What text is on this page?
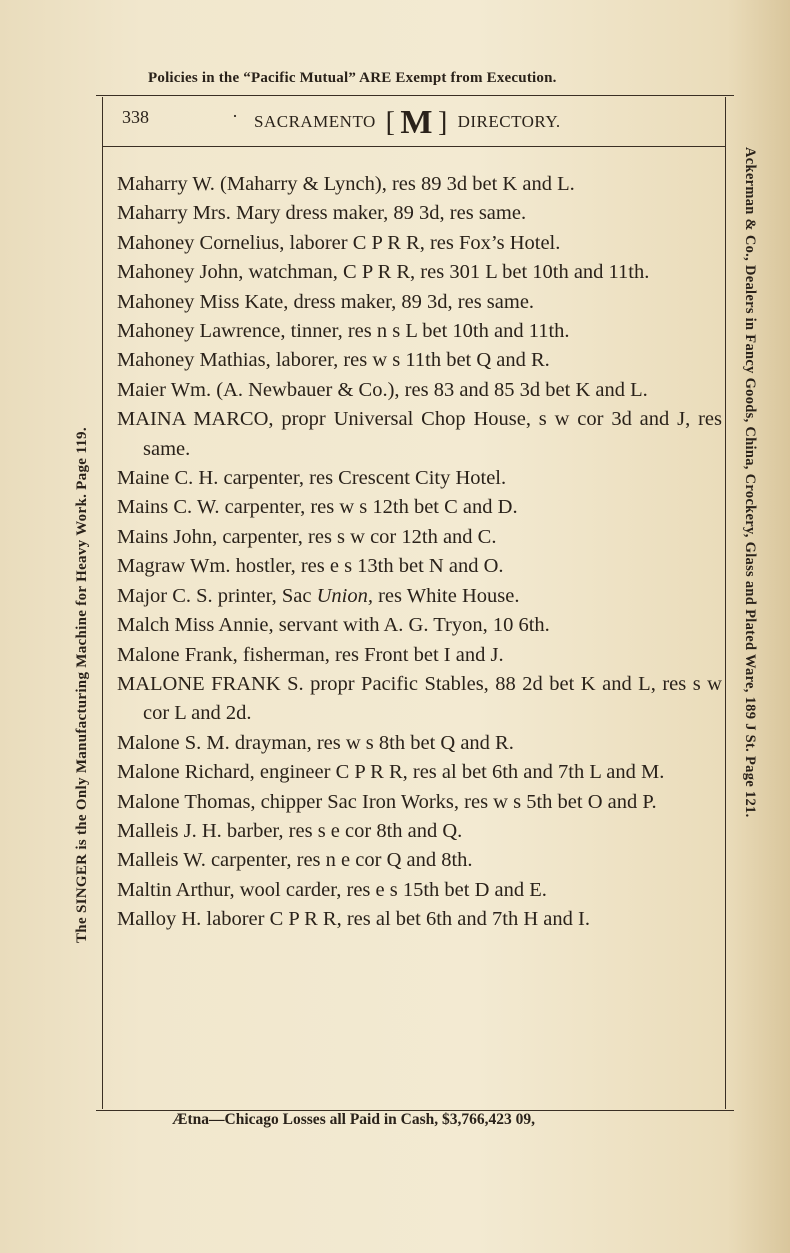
Policies in the “Pacific Mutual” ARE Exempt from Execution.
The SINGER is the Only Manufacturing Machine for Heavy Work. Page 119.	Ackerman & Co., Dealers in Fancy Goods, China, Crockery, Glass and Plated Ware, 189 J St. Page 121.
338	· SACRAMENTO [ M ] DIRECTORY.

Maharry W. (Maharry & Lynch), res 89 3d bet K and L.

Maharry Mrs. Mary dress maker, 89 3d, res same.

Mahoney Cornelius, laborer C P R R, res Fox’s Hotel.

Mahoney John, watchman, C P R R, res 301 L bet 10th and 11th.

Mahoney Miss Kate, dress maker, 89 3d, res same.

Mahoney Lawrence, tinner, res n s L bet 10th and 11th.

Mahoney Mathias, laborer, res w s 11th bet Q and R.

Maier Wm. (A. Newbauer & Co.), res 83 and 85 3d bet K and L.

MAINA MARCO, propr Universal Chop House, s w cor 3d and J, res same.

Maine C. H. carpenter, res Crescent City Hotel.

Mains C. W. carpenter, res w s 12th bet C and D.

Mains John, carpenter, res s w cor 12th and C.

Magraw Wm. hostler, res e s 13th bet N and O.

Major C. S. printer, Sac Union, res White House.

Malch Miss Annie, servant with A. G. Tryon, 10 6th.

Malone Frank, fisherman, res Front bet I and J.

MALONE FRANK S. propr Pacific Stables, 88 2d bet K and L, res s w cor L and 2d.

Malone S. M. drayman, res w s 8th bet Q and R.

Malone Richard, engineer C P R R, res al bet 6th and 7th L and M.

Malone Thomas, chipper Sac Iron Works, res w s 5th bet O and P.

Malleis J. H. barber, res s e cor 8th and Q.

Malleis W. carpenter, res n e cor Q and 8th.

Maltin Arthur, wool carder, res e s 15th bet D and E.

Malloy H. laborer C P R R, res al bet 6th and 7th H and I.

Ætna—Chicago Losses all Paid in Cash, $3,766,423 09,
